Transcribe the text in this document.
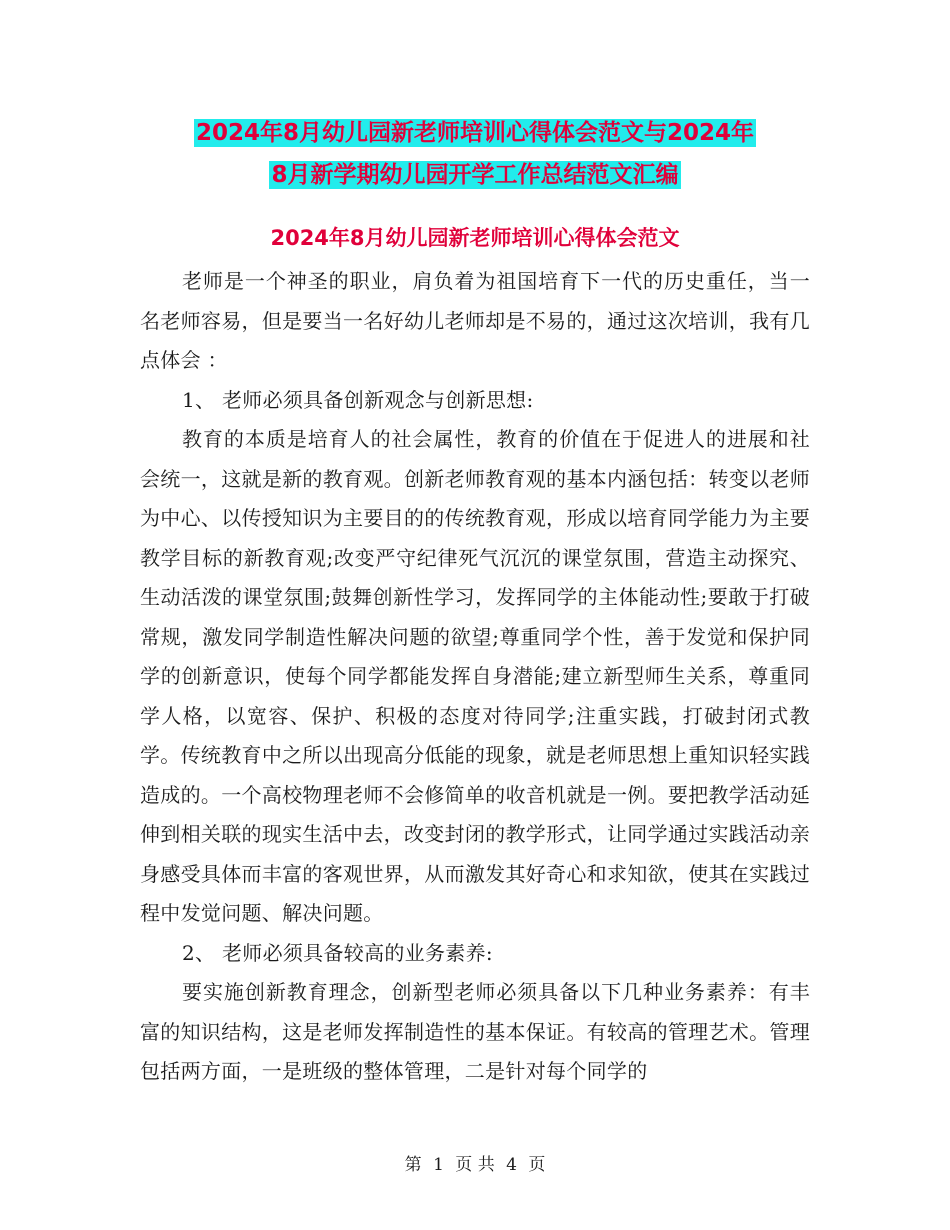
2024年8月幼儿园新老师培训心得体会范文与2024年
8月新学期幼儿园开学工作总结范文汇编
2024年8月幼儿园新老师培训心得体会范文

老师是一个神圣的职业，肩负着为祖国培育下一代的历史重任，当一名老师容易，但是要当一名好幼儿老师却是不易的，通过这次培训，我有几点体会 ：

1、 老师必须具备创新观念与创新思想:

教育的本质是培育人的社会属性，教育的价值在于促进人的进展和社会统一，这就是新的教育观。创新老师教育观的基本内涵包括：转变以老师为中心、以传授知识为主要目的的传统教育观，形成以培育同学能力为主要教学目标的新教育观;改变严守纪律死气沉沉的课堂氛围，营造主动探究、生动活泼的课堂氛围;鼓舞创新性学习，发挥同学的主体能动性;要敢于打破常规，激发同学制造性解决问题的欲望;尊重同学个性，善于发觉和保护同学的创新意识，使每个同学都能发挥自身潜能;建立新型师生关系，尊重同学人格，以宽容、保护、积极的态度对待同学;注重实践，打破封闭式教学。传统教育中之所以出现高分低能的现象，就是老师思想上重知识轻实践造成的。一个高校物理老师不会修简单的收音机就是一例。要把教学活动延伸到相关联的现实生活中去，改变封闭的教学形式，让同学通过实践活动亲身感受具体而丰富的客观世界，从而激发其好奇心和求知欲，使其在实践过程中发觉问题、解决问题。

2、 老师必须具备较高的业务素养:

要实施创新教育理念，创新型老师必须具备以下几种业务素养：有丰富的知识结构，这是老师发挥制造性的基本保证。有较高的管理艺术。管理包括两方面，一是班级的整体管理，二是针对每个同学的

第 1 页 共 4 页
